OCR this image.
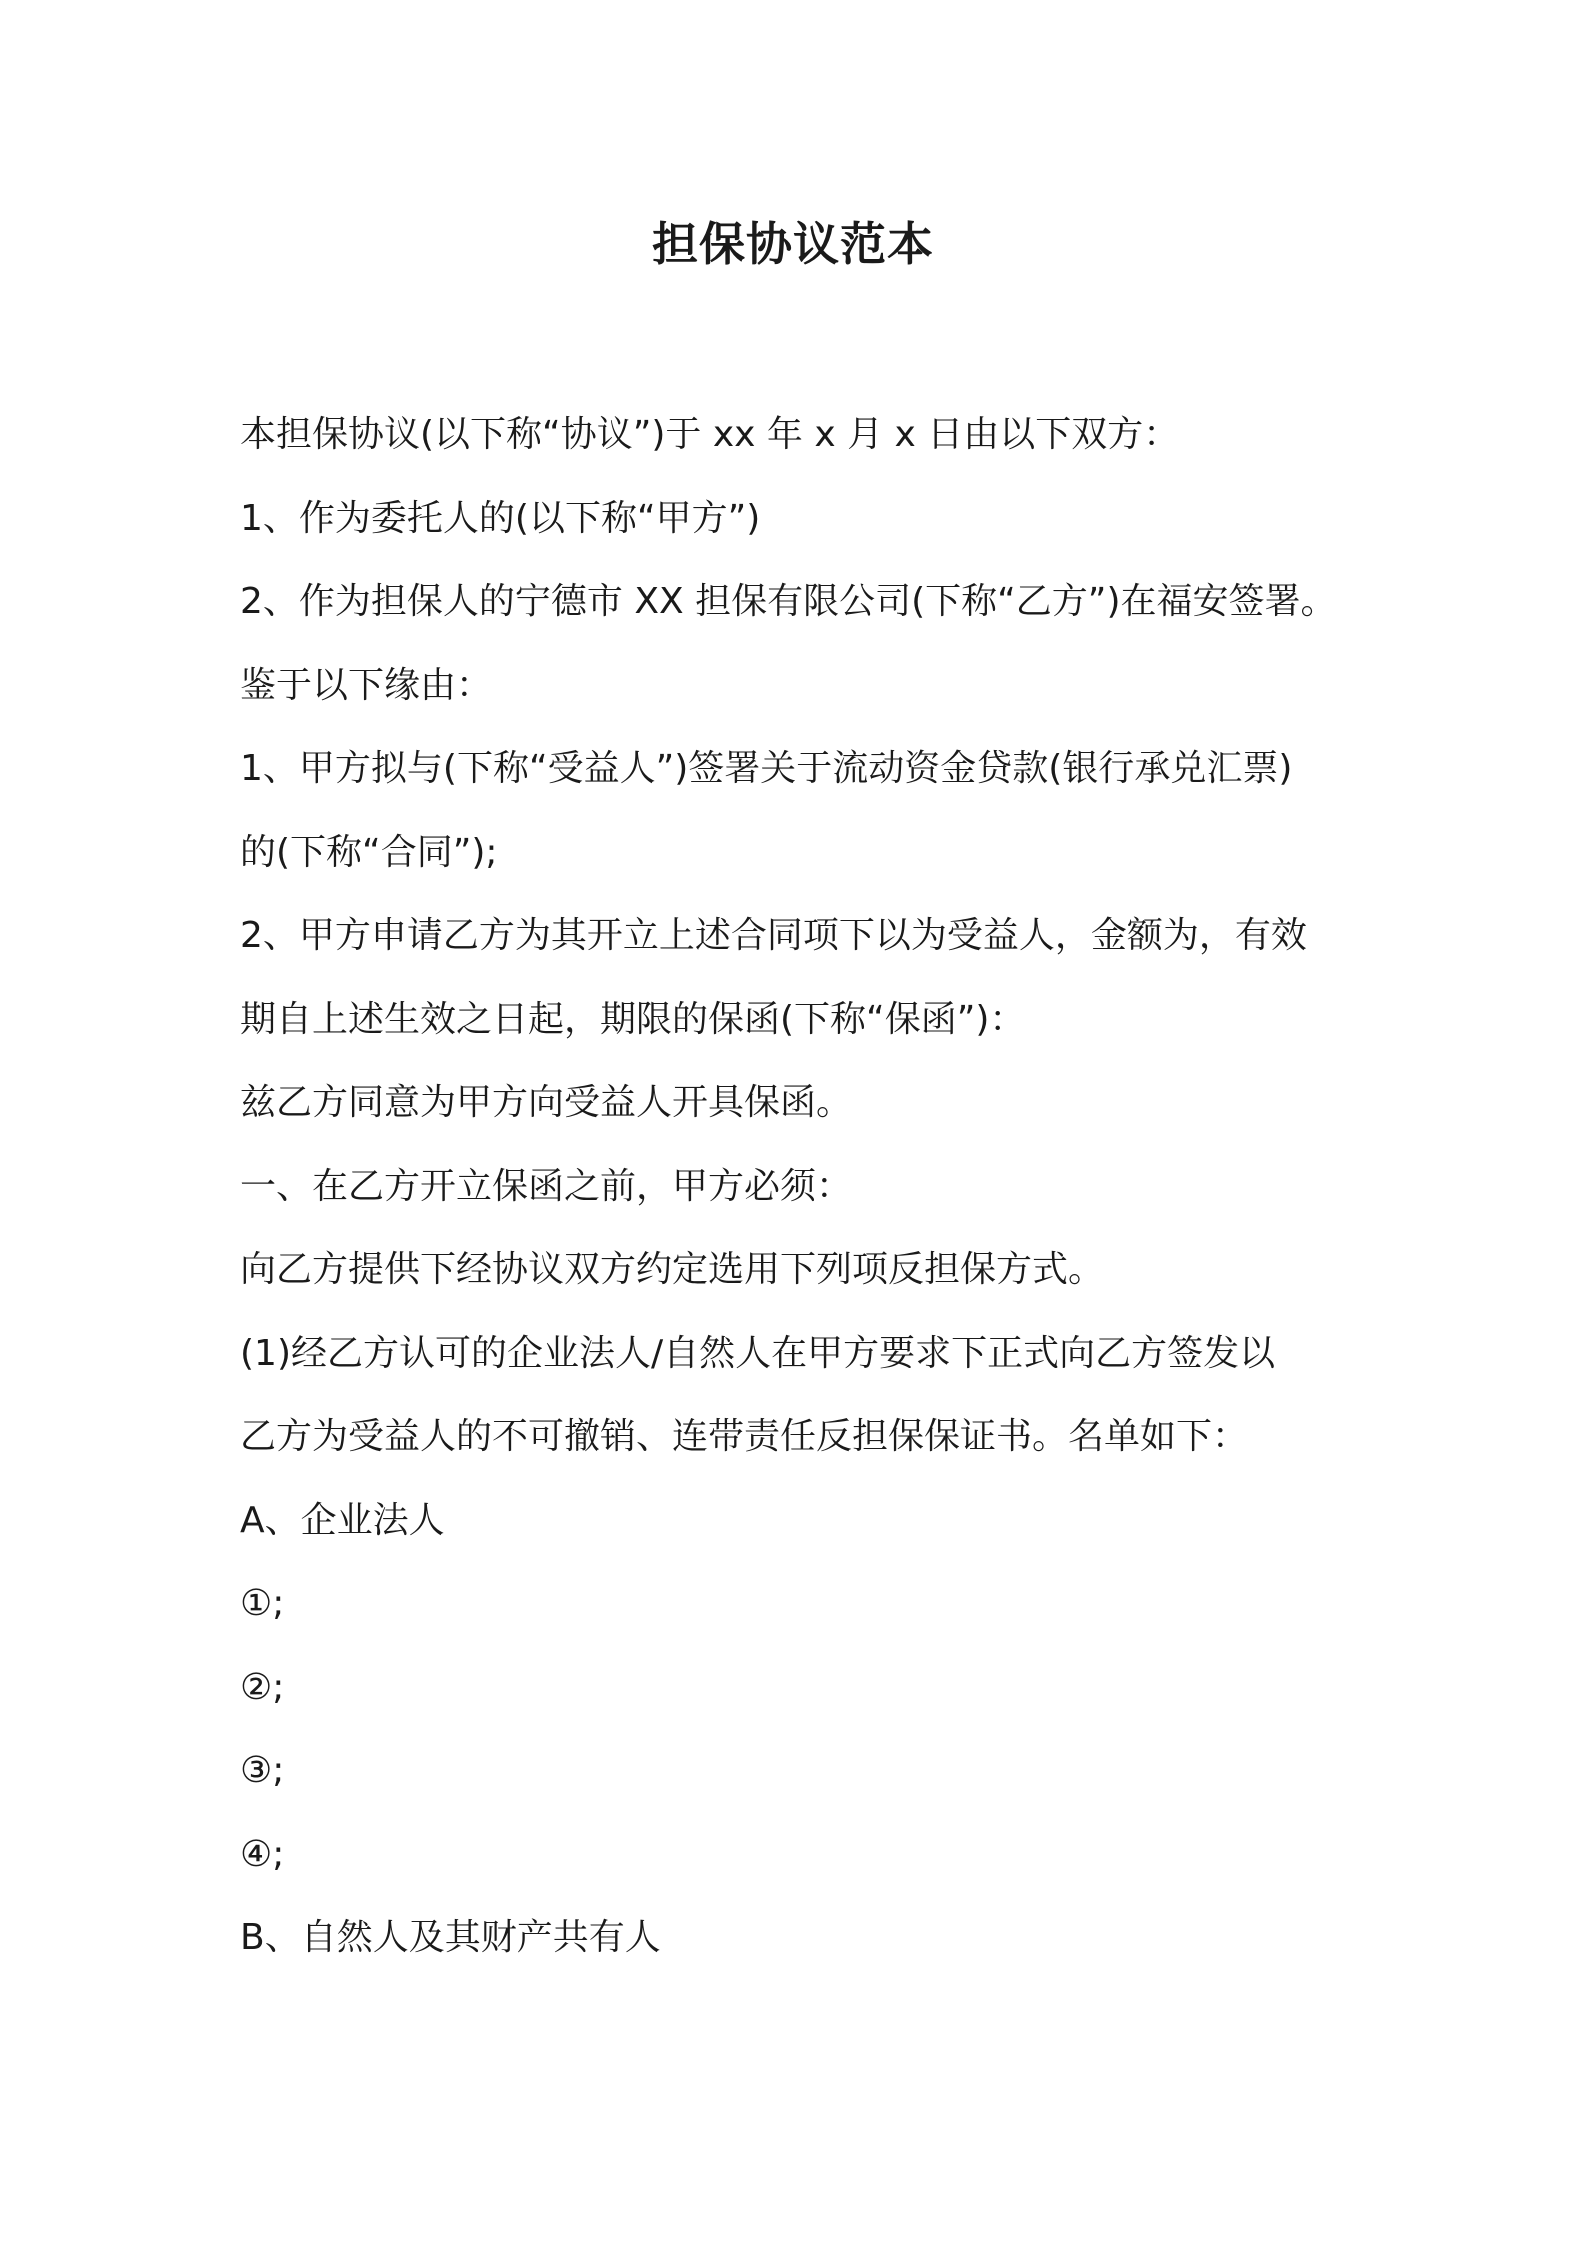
担保协议范本

本担保协议(以下称“协议”)于 xx 年 x 月 x 日由以下双方：

1、作为委托人的(以下称“甲方”)

2、作为担保人的宁德市 XX 担保有限公司(下称“乙方”)在福安签署。

鉴于以下缘由：

1、甲方拟与(下称“受益人”)签署关于流动资金贷款(银行承兑汇票)

的(下称“合同”);

2、甲方申请乙方为其开立上述合同项下以为受益人，金额为，有效

期自上述生效之日起，期限的保函(下称“保函”)：

兹乙方同意为甲方向受益人开具保函。

一、在乙方开立保函之前，甲方必须：

向乙方提供下经协议双方约定选用下列项反担保方式。

(1)经乙方认可的企业法人/自然人在甲方要求下正式向乙方签发以

乙方为受益人的不可撤销、连带责任反担保保证书。名单如下：

A、企业法人

①;

②;

③;

④;

B、自然人及其财产共有人
